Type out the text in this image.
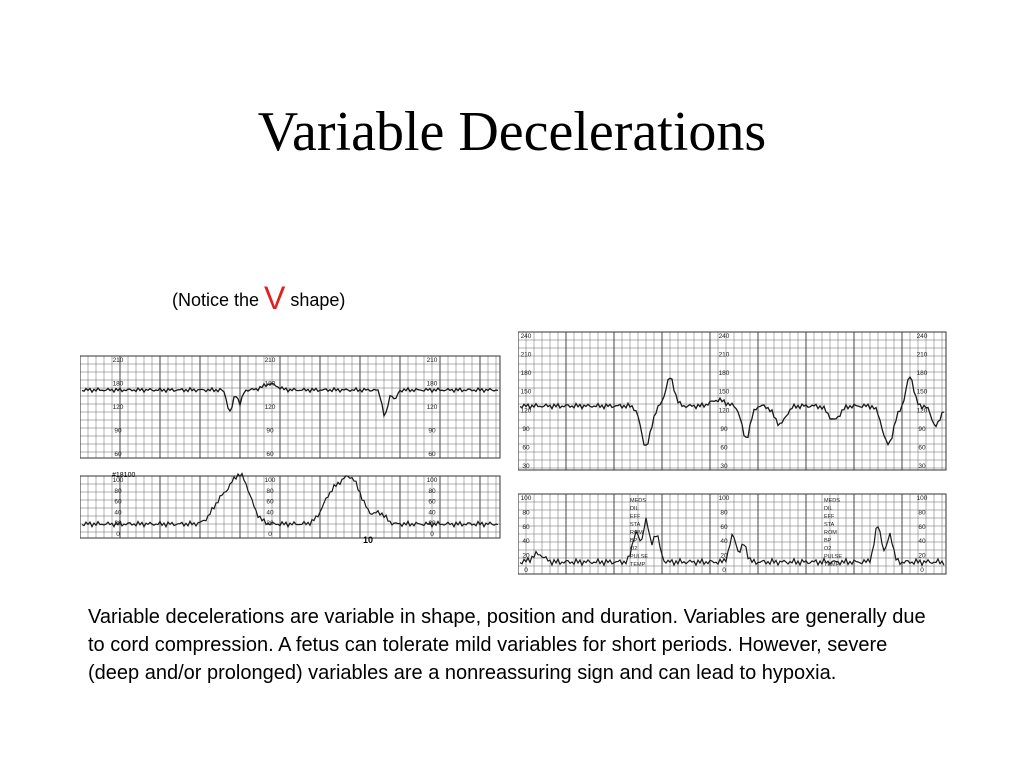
Variable Decelerations
(Notice the V shape)
210	210	210
180	180	180
120	120	120
90	90	90
60	60	60
100	100	100
80	80	80
60	60	60
40	40	40
20	20	20
0	0	0
#18100
10
240	240	240
210	210	210
180	180	180
150	150	150
120	120	120
90	90	90
60	60	60
30	30	30
100	100	100
80	80	80
60	60	60
40	40	40
20	20	20
0	0	0
MEDS	MEDS
DIL	DIL
EFF	EFF
STA	STA
ROM	ROM
BP	BP
O2	O2
PULSE	PULSE
TEMP	TEMP

Variable decelerations are variable in shape, position and duration. Variables are generally due to cord compression. A fetus can tolerate mild variables for short periods. However, severe (deep and/or prolonged) variables are a nonreassuring sign and can lead to hypoxia.
